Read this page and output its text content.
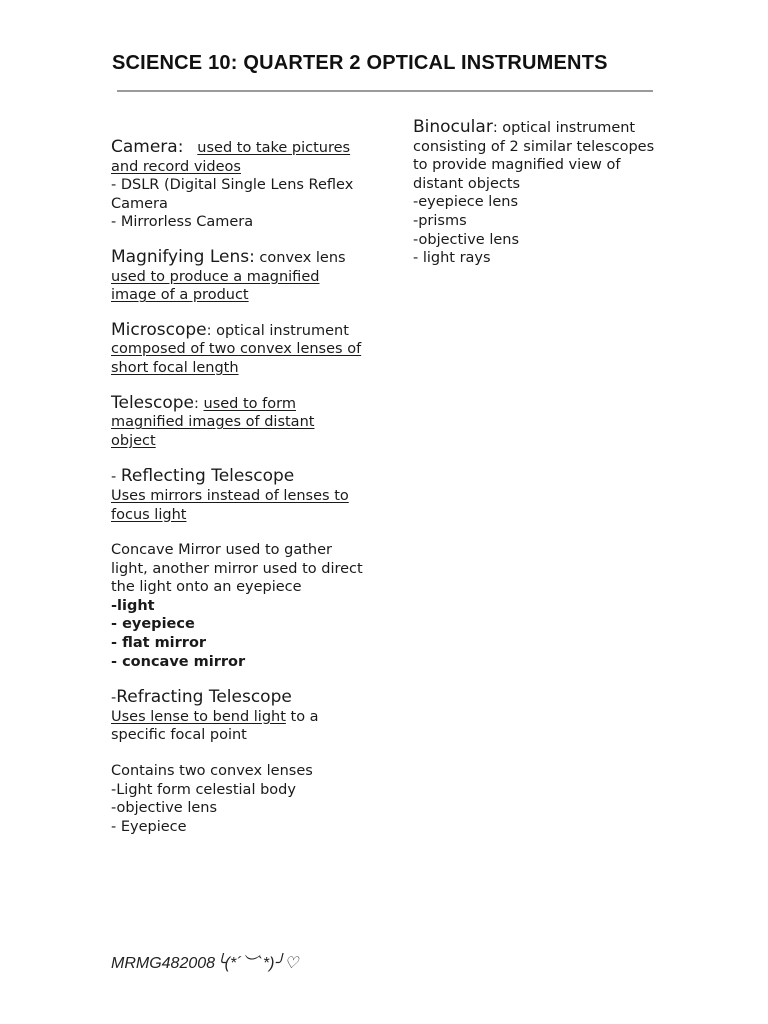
SCIENCE 10: QUARTER 2 OPTICAL INSTRUMENTS

Camera: used to take pictures and record videos

- DSLR (Digital Single Lens Reflex Camera

- Mirrorless Camera

Magnifying Lens: convex lens used to produce a magnified image of a product

Microscope: optical instrument composed of two convex lenses of short focal length

Telescope: used to form magnified images of distant object

- Reflecting Telescope

Uses mirrors instead of lenses to focus light

Concave Mirror used to gather light, another mirror used to direct the light onto an eyepiece

-light

- eyepiece

- flat mirror

- concave mirror

-Refracting Telescope

Uses lense to bend light to a specific focal point

Contains two convex lenses

-Light form celestial body

-objective lens

- Eyepiece

Binocular: optical instrument consisting of 2 similar telescopes to provide magnified view of distant objects

-eyepiece lens

-prisms

-objective lens

- light rays

MRMG482008╰(*´︶`*)╯♡
